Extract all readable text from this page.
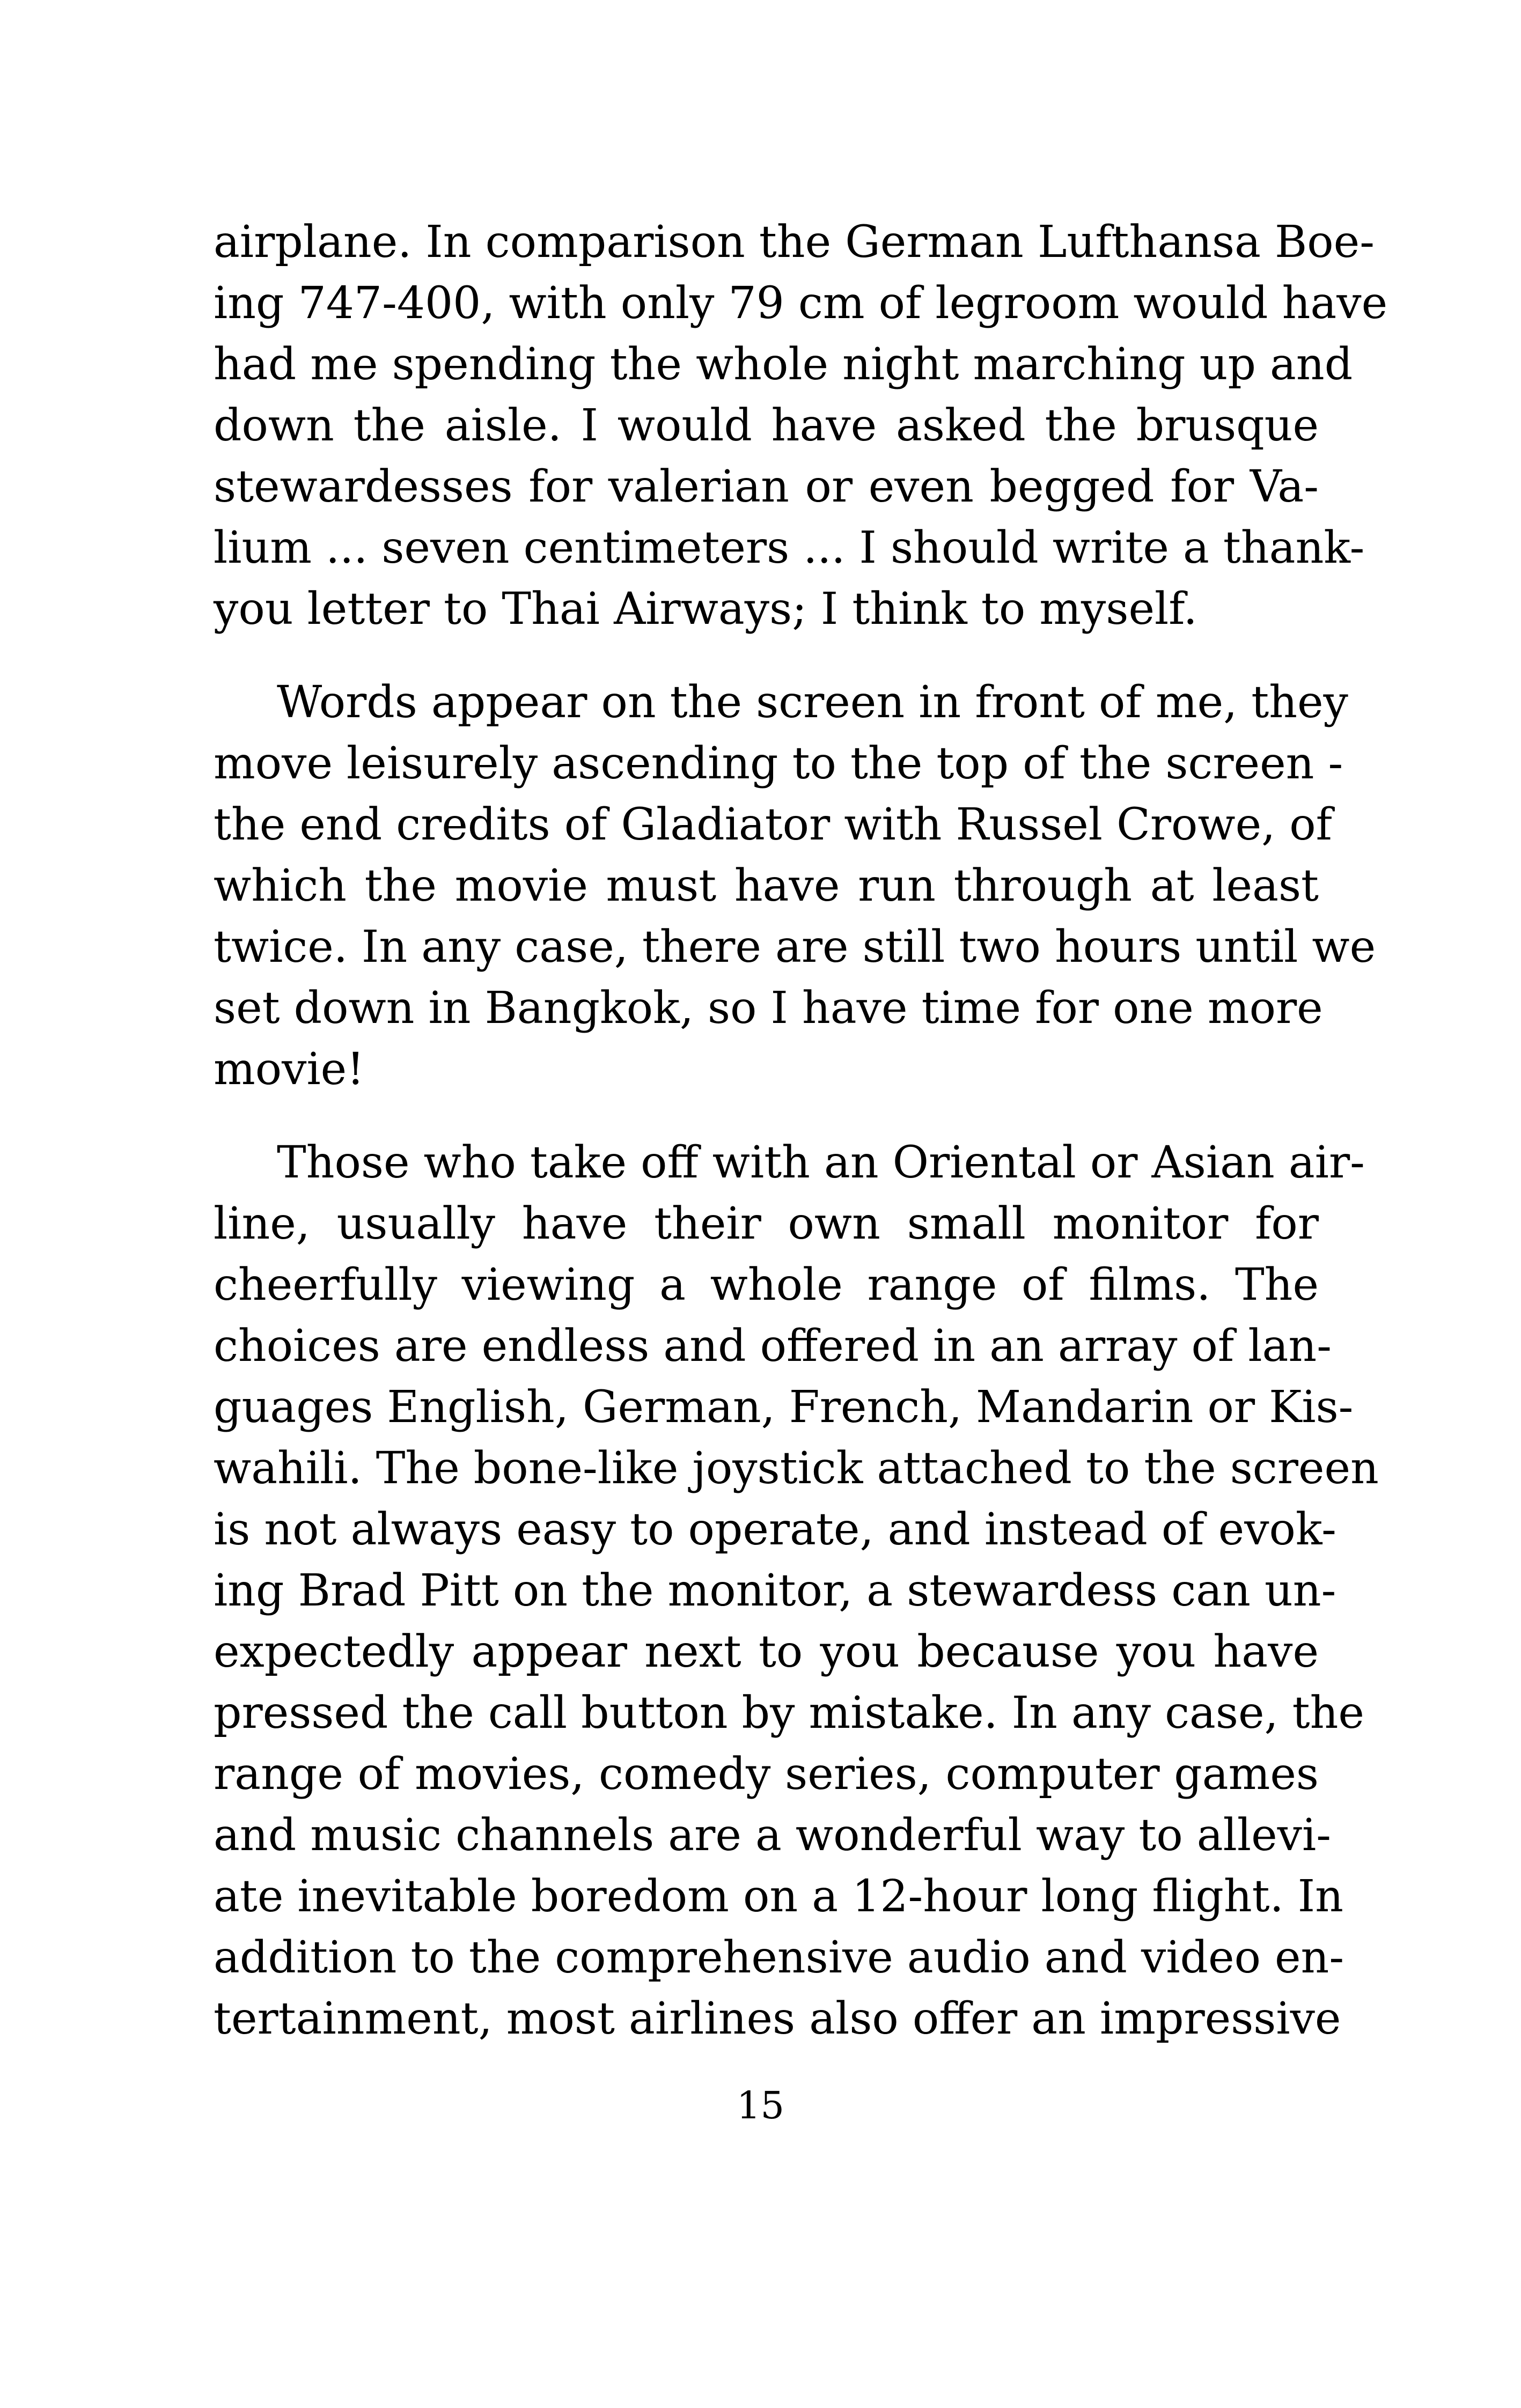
airplane. In comparison the German Lufthansa Boe-
ing 747-400, with only 79 cm of legroom would have
had me spending the whole night marching up and
down the aisle. I would have asked the brusque
stewardesses for valerian or even begged for Va-
lium ... seven centimeters ... I should write a thank-
you letter to Thai Airways; I think to myself.
Words appear on the screen in front of me, they
move leisurely ascending to the top of the screen -
the end credits of Gladiator with Russel Crowe, of
which the movie must have run through at least
twice. In any case, there are still two hours until we
set down in Bangkok, so I have time for one more
movie!
Those who take off with an Oriental or Asian air-
line, usually have their own small monitor for
cheerfully viewing a whole range of films. The
choices are endless and offered in an array of lan-
guages English, German, French, Mandarin or Kis-
wahili. The bone-like joystick attached to the screen
is not always easy to operate, and instead of evok-
ing Brad Pitt on the monitor, a stewardess can un-
expectedly appear next to you because you have
pressed the call button by mistake. In any case, the
range of movies, comedy series, computer games
and music channels are a wonderful way to allevi-
ate inevitable boredom on a 12-hour long flight. In
addition to the comprehensive audio and video en-
tertainment, most airlines also offer an impressive
15
